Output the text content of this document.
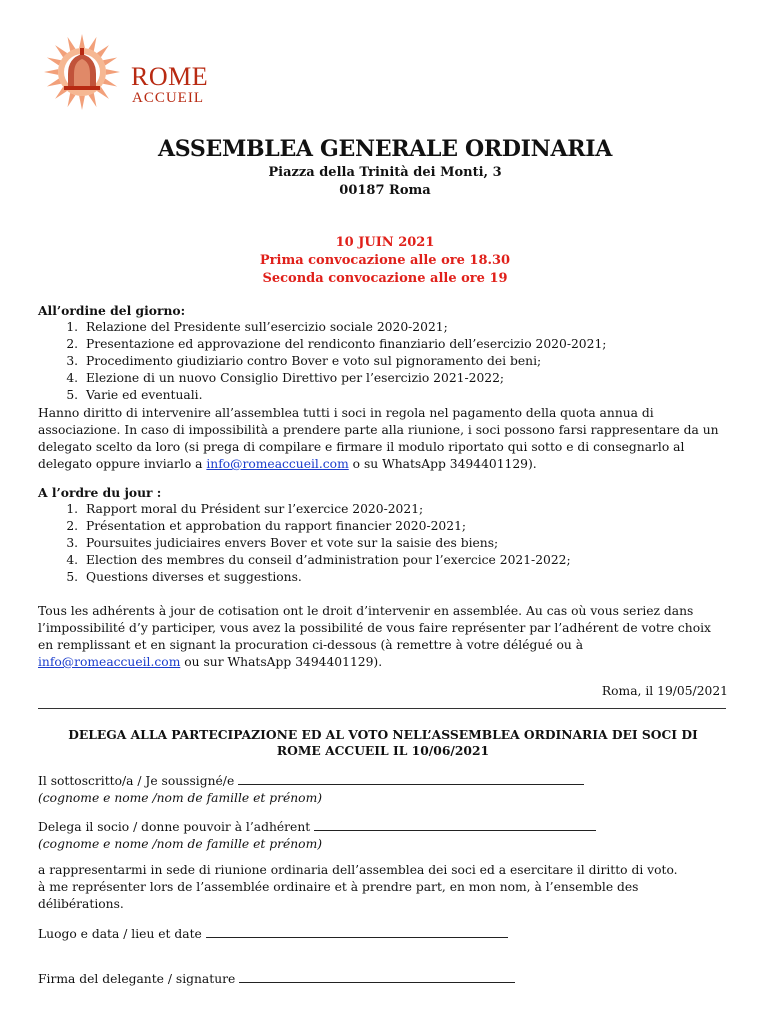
ROME
ACCUEIL
ASSEMBLEA GENERALE ORDINARIA
Piazza della Trinità dei Monti, 3
00187 Roma
10 JUIN 2021
Prima convocazione alle ore 18.30
Seconda convocazione alle ore 19

All’ordine del giorno:

1. Relazione del Presidente sull’esercizio sociale 2020-2021;
2. Presentazione ed approvazione del rendiconto finanziario dell’esercizio 2020-2021;
3. Procedimento giudiziario contro Bover e voto sul pignoramento dei beni;
4. Elezione di un nuovo Consiglio Direttivo per l’esercizio 2021-2022;
5. Varie ed eventuali.

Hanno diritto di intervenire all’assemblea tutti i soci in regola nel pagamento della quota annua di associazione. In caso di impossibilità a prendere parte alla riunione, i soci possono farsi rappresentare da un delegato scelto da loro (si prega di compilare e firmare il modulo riportato qui sotto e di consegnarlo al delegato oppure inviarlo a info@romeaccueil.com o su WhatsApp 3494401129).

A l’ordre du jour :

1. Rapport moral du Président sur l’exercice 2020-2021;
2. Présentation et approbation du rapport financier 2020-2021;
3. Poursuites judiciaires envers Bover et vote sur la saisie des biens;
4. Election des membres du conseil d’administration pour l’exercice 2021-2022;
5. Questions diverses et suggestions.

Tous les adhérents à jour de cotisation ont le droit d’intervenir en assemblée. Au cas où vous seriez dans l’impossibilité d’y participer, vous avez la possibilité de vous faire représenter par l’adhérent de votre choix en remplissant et en signant la procuration ci-dessous (à remettre à votre délégué ou à info@romeaccueil.com ou sur WhatsApp 3494401129).

Roma, il 19/05/2021
DELEGA ALLA PARTECIPAZIONE ED AL VOTO NELL’ASSEMBLEA ORDINARIA DEI SOCI DI
ROME ACCUEIL IL 10/06/2021
Il sottoscritto/a / Je soussigné/e
(cognome e nome /nom de famille et prénom)
Delega il socio / donne pouvoir à l’adhérent
(cognome e nome /nom de famille et prénom)
a rappresentarmi in sede di riunione ordinaria dell’assemblea dei soci ed a esercitare il diritto di voto.
à me représenter lors de l’assemblée ordinaire et à prendre part, en mon nom, à l’ensemble des délibérations.
Luogo e data / lieu et date
Firma del delegante / signature
